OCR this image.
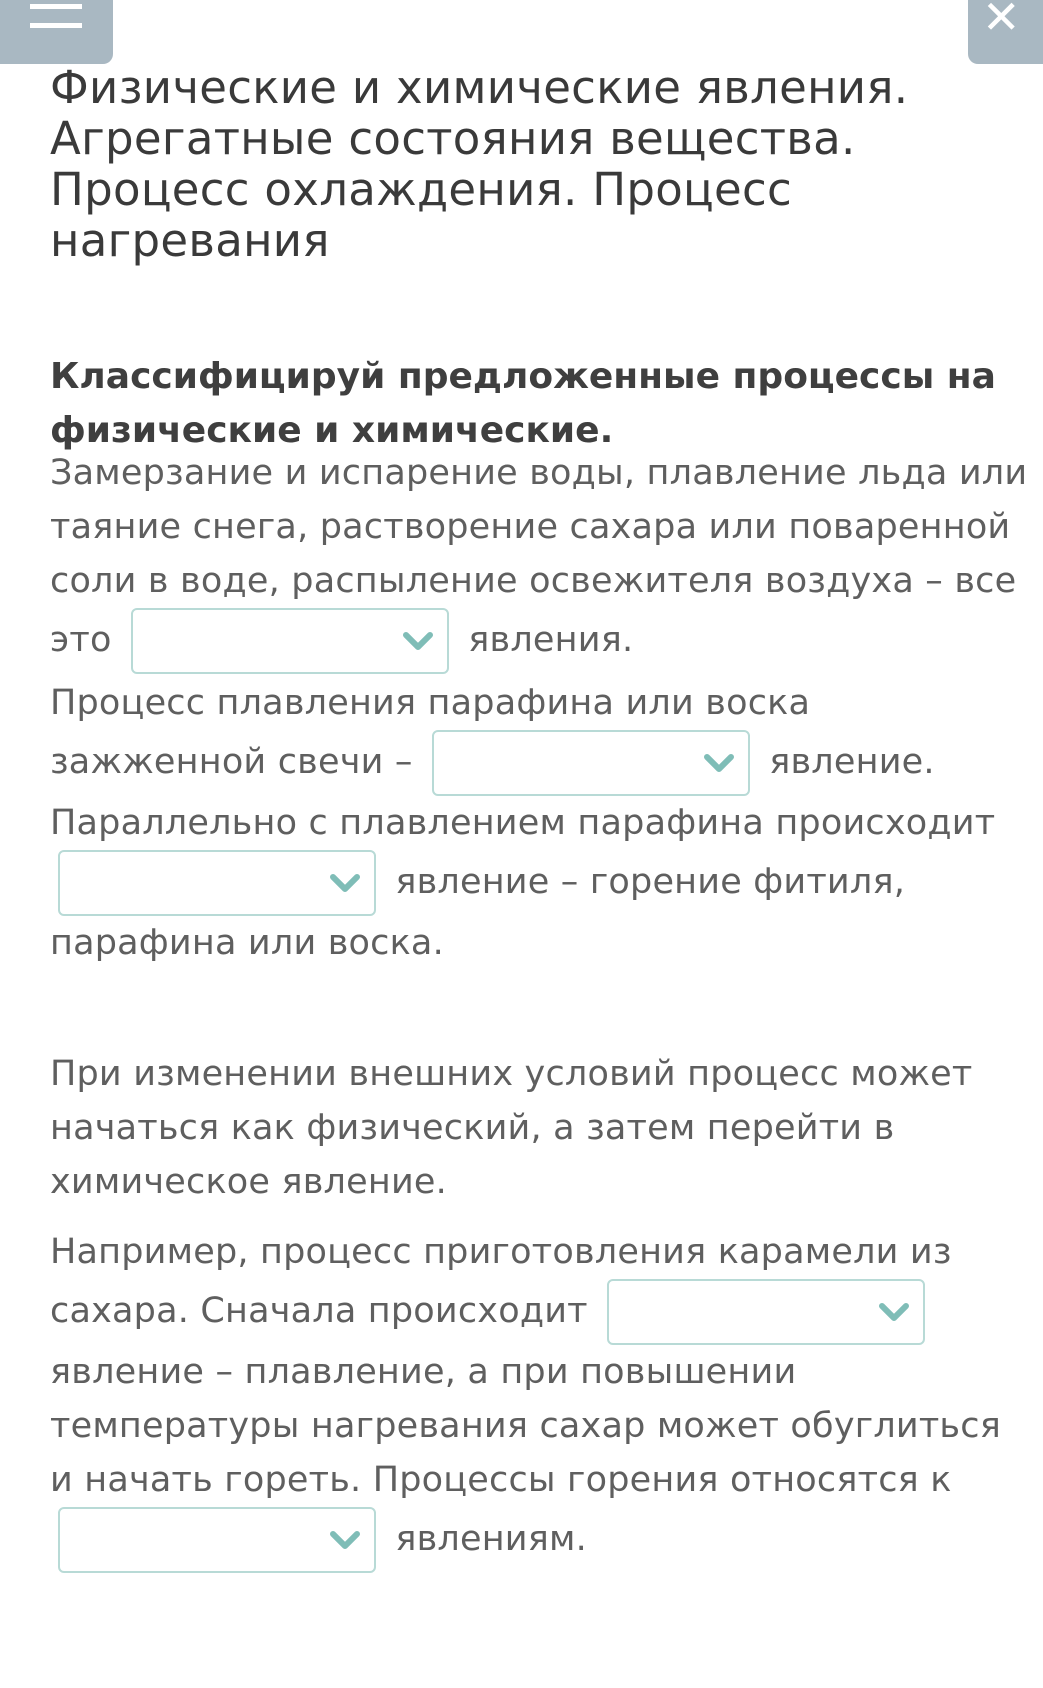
✕
Физические и химические явления. Агрегатные состояния вещества. Процесс охлаждения. Процесс нагревания

Классифицируй предложенные процессы на физические и химические.

Замерзание и испарение воды, плавление льда или таяние снега, растворение сахара или поваренной соли в воде, распыление освежителя воздуха – все это	явления.

Процесс плавления парафина или воска зажженной свечи –	явление. Параллельно с плавлением парафина происходит
явление – горение фитиля, парафина или воска.

При изменении внешних условий процесс может начаться как физический, а затем перейти в химическое явление.

Например, процесс приготовления карамели из сахара. Сначала происходит
явление – плавление, а при повышении температуры нагревания сахар может обуглиться и начать гореть. Процессы горения относятся к
явлениям.
